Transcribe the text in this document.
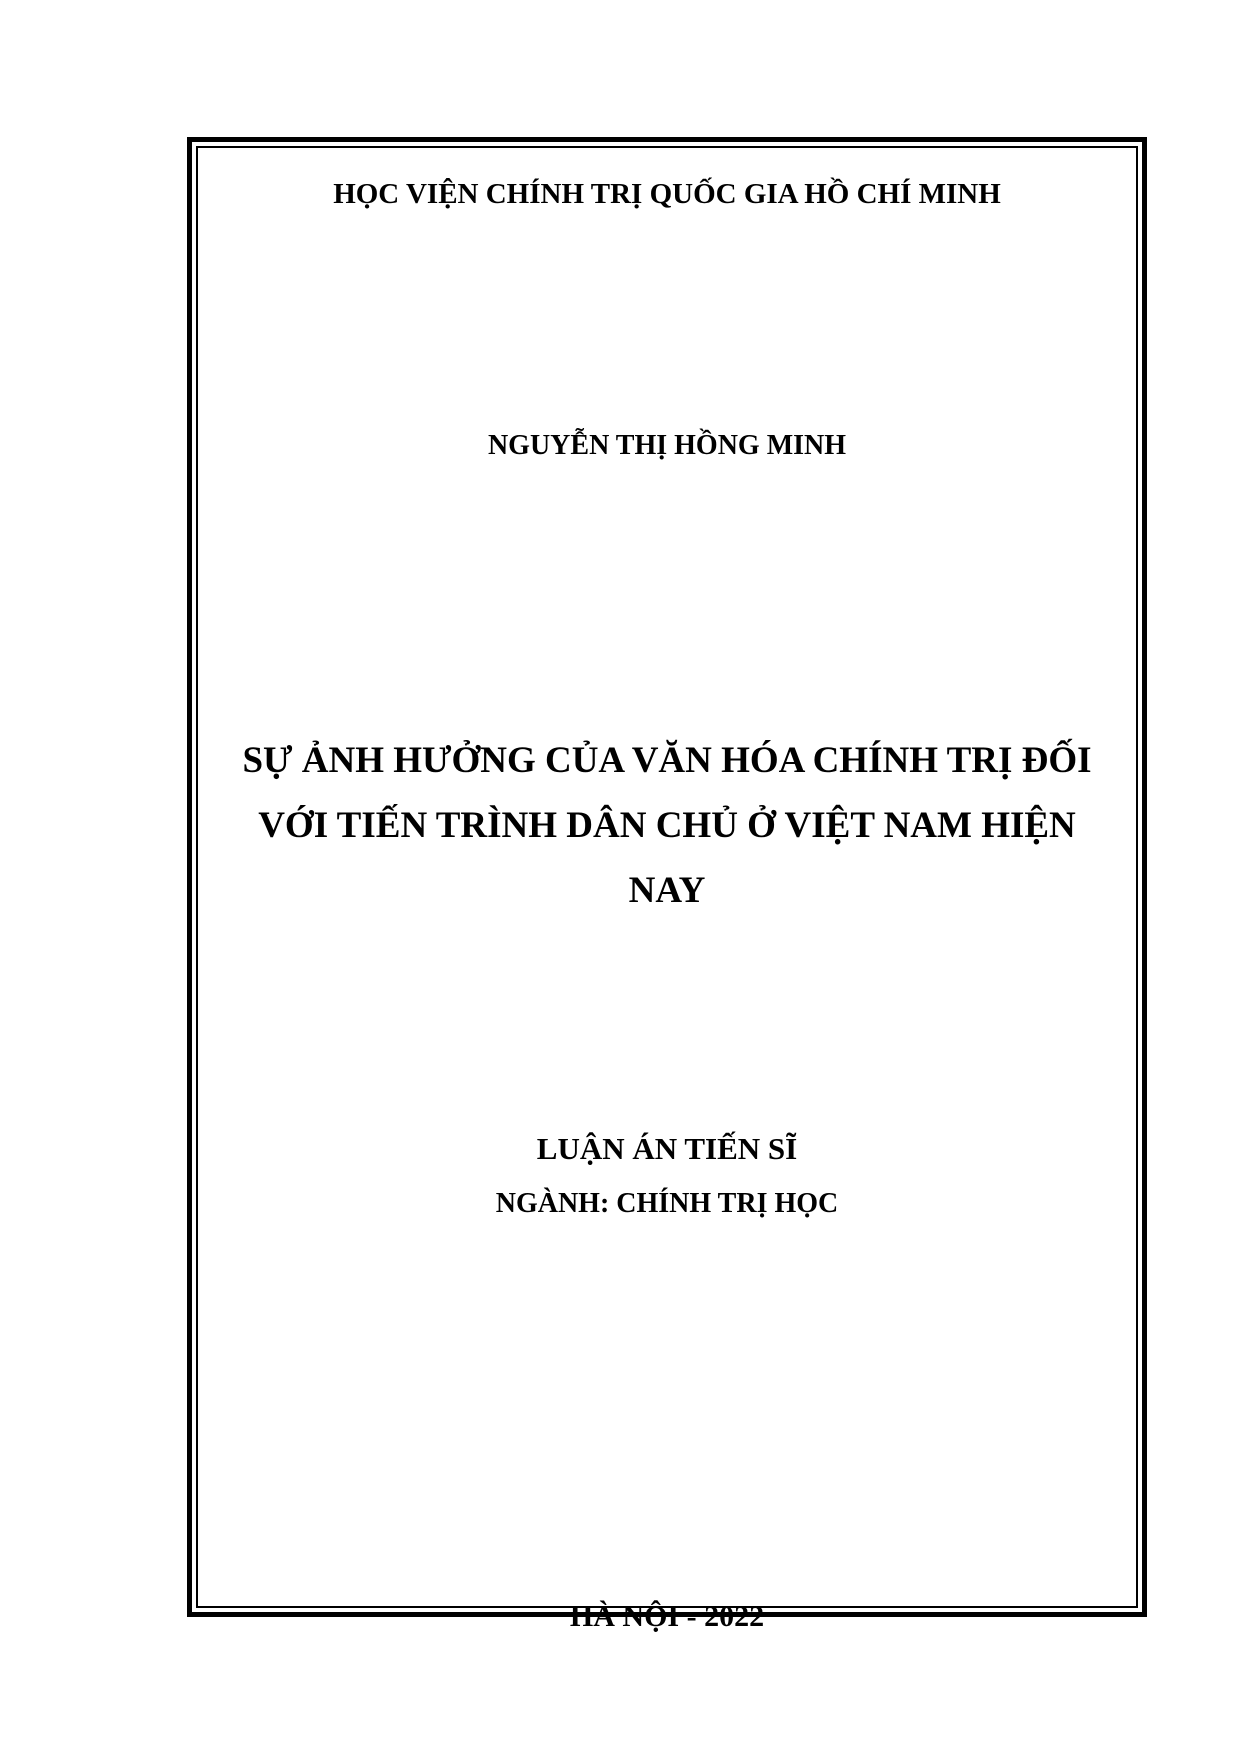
HỌC VIỆN CHÍNH TRỊ QUỐC GIA HỒ CHÍ MINH
NGUYỄN THỊ HỒNG MINH
SỰ ẢNH HƯỞNG CỦA VĂN HÓA CHÍNH TRỊ ĐỐI
VỚI TIẾN TRÌNH DÂN CHỦ Ở VIỆT NAM HIỆN
NAY
LUẬN ÁN TIẾN SĨ
NGÀNH: CHÍNH TRỊ HỌC
HÀ NỘI - 2022
